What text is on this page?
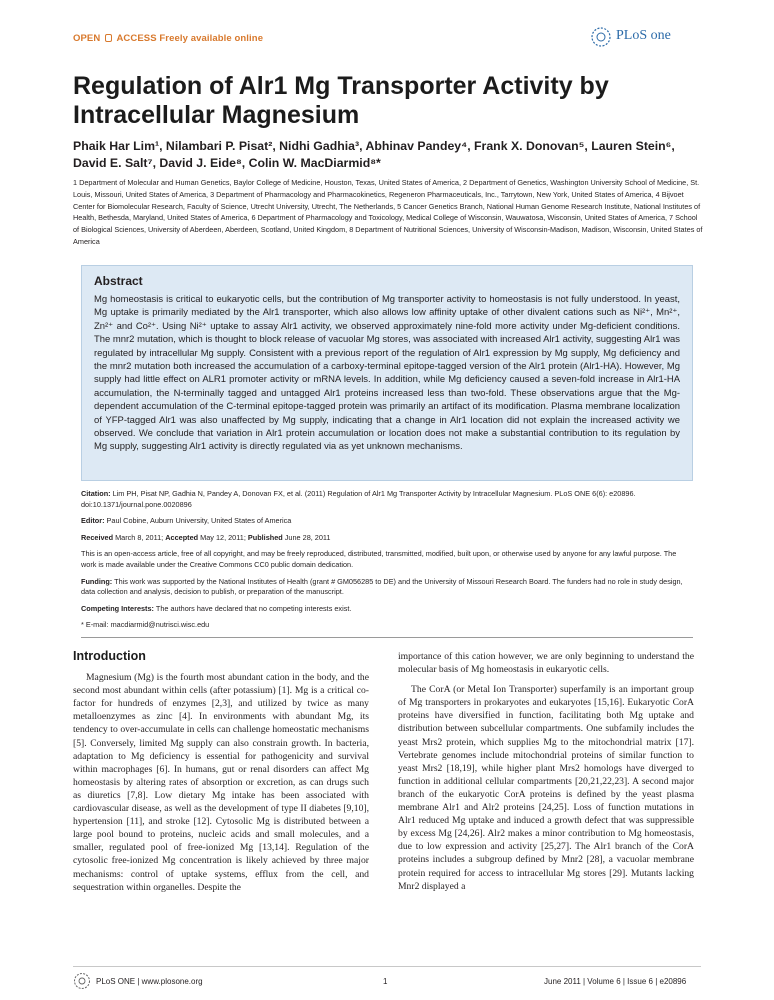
OPEN ACCESS Freely available online	PLoS one
Regulation of Alr1 Mg Transporter Activity by Intracellular Magnesium
Phaik Har Lim¹, Nilambari P. Pisat², Nidhi Gadhia³, Abhinav Pandey⁴, Frank X. Donovan⁵, Lauren Stein⁶,
David E. Salt⁷, David J. Eide⁸, Colin W. MacDiarmid⁸*
1 Department of Molecular and Human Genetics, Baylor College of Medicine, Houston, Texas, United States of America, 2 Department of Genetics, Washington University School of Medicine, St. Louis, Missouri, United States of America, 3 Department of Pharmacology and Pharmacokinetics, Regeneron Pharmaceuticals, Inc., Tarrytown, New York, United States of America, 4 Bijvoet Center for Biomolecular Research, Faculty of Science, Utrecht University, Utrecht, The Netherlands, 5 Cancer Genetics Branch, National Human Genome Research Institute, National Institutes of Health, Bethesda, Maryland, United States of America, 6 Department of Pharmacology and Toxicology, Medical College of Wisconsin, Wauwatosa, Wisconsin, United States of America, 7 School of Biological Sciences, University of Aberdeen, Aberdeen, Scotland, United Kingdom, 8 Department of Nutritional Sciences, University of Wisconsin-Madison, Madison, Wisconsin, United States of America
Abstract

Mg homeostasis is critical to eukaryotic cells, but the contribution of Mg transporter activity to homeostasis is not fully understood. In yeast, Mg uptake is primarily mediated by the Alr1 transporter, which also allows low affinity uptake of other divalent cations such as Ni²⁺, Mn²⁺, Zn²⁺ and Co²⁺. Using Ni²⁺ uptake to assay Alr1 activity, we observed approximately nine-fold more activity under Mg-deficient conditions. The mnr2 mutation, which is thought to block release of vacuolar Mg stores, was associated with increased Alr1 activity, suggesting Alr1 was regulated by intracellular Mg supply. Consistent with a previous report of the regulation of Alr1 expression by Mg supply, Mg deficiency and the mnr2 mutation both increased the accumulation of a carboxy-terminal epitope-tagged version of the Alr1 protein (Alr1-HA). However, Mg supply had little effect on ALR1 promoter activity or mRNA levels. In addition, while Mg deficiency caused a seven-fold increase in Alr1-HA accumulation, the N-terminally tagged and untagged Alr1 proteins increased less than two-fold. These observations argue that the Mg-dependent accumulation of the C-terminal epitope-tagged protein was primarily an artifact of its modification. Plasma membrane localization of YFP-tagged Alr1 was also unaffected by Mg supply, indicating that a change in Alr1 location did not explain the increased activity we observed. We conclude that variation in Alr1 protein accumulation or location does not make a substantial contribution to its regulation by Mg supply, suggesting Alr1 activity is directly regulated via as yet unknown mechanisms.

Citation: Lim PH, Pisat NP, Gadhia N, Pandey A, Donovan FX, et al. (2011) Regulation of Alr1 Mg Transporter Activity by Intracellular Magnesium. PLoS ONE 6(6): e20896. doi:10.1371/journal.pone.0020896

Editor: Paul Cobine, Auburn University, United States of America

Received March 8, 2011; Accepted May 12, 2011; Published June 28, 2011

This is an open-access article, free of all copyright, and may be freely reproduced, distributed, transmitted, modified, built upon, or otherwise used by anyone for any lawful purpose. The work is made available under the Creative Commons CC0 public domain dedication.

Funding: This work was supported by the National Institutes of Health (grant # GM056285 to DE) and the University of Missouri Research Board. The funders had no role in study design, data collection and analysis, decision to publish, or preparation of the manuscript.

Competing Interests: The authors have declared that no competing interests exist.

* E-mail: macdiarmid@nutrisci.wisc.edu

Introduction

Magnesium (Mg) is the fourth most abundant cation in the body, and the second most abundant within cells (after potassium) [1]. Mg is a critical co-factor for hundreds of enzymes [2,3], and utilized by twice as many metalloenzymes as zinc [4]. In environments with abundant Mg, its tendency to over-accumulate in cells can challenge homeostatic mechanisms [5]. Conversely, limited Mg supply can also constrain growth. In bacteria, adaptation to Mg deficiency is essential for pathogenicity and survival within macrophages [6]. In humans, gut or renal disorders can affect Mg homeostasis by altering rates of absorption or excretion, as can drugs such as diuretics [7,8]. Low dietary Mg intake has been associated with cardiovascular disease, as well as the development of type II diabetes [9,10], hypertension [11], and stroke [12]. Cytosolic Mg is distributed between a large pool bound to proteins, nucleic acids and small molecules, and a smaller, regulated pool of free-ionized Mg [13,14]. Regulation of the cytosolic free-ionized Mg concentration is likely achieved by three major mechanisms: control of uptake systems, efflux from the cell, and sequestration within organelles. Despite the

importance of this cation however, we are only beginning to understand the molecular basis of Mg homeostasis in eukaryotic cells.

The CorA (or Metal Ion Transporter) superfamily is an important group of Mg transporters in prokaryotes and eukaryotes [15,16]. Eukaryotic CorA proteins have diversified in function, facilitating both Mg uptake and distribution between subcellular compartments. One subfamily includes the yeast Mrs2 protein, which supplies Mg to the mitochondrial matrix [17]. Vertebrate genomes include mitochondrial proteins of similar function to yeast Mrs2 [18,19], while higher plant Mrs2 homologs have diverged to function in additional cellular compartments [20,21,22,23]. A second major branch of the eukaryotic CorA proteins is defined by the yeast plasma membrane Alr1 and Alr2 proteins [24,25]. Loss of function mutations in Alr1 reduced Mg uptake and induced a growth defect that was suppressible by excess Mg [24,26]. Alr2 makes a minor contribution to Mg homeostasis, due to low expression and activity [25,27]. The Alr1 branch of the CorA proteins includes a subgroup defined by Mnr2 [28], a vacuolar membrane protein required for access to intracellular Mg stores [29]. Mutants lacking Mnr2 displayed a

PLoS ONE | www.plosone.org	1	June 2011 | Volume 6 | Issue 6 | e20896
